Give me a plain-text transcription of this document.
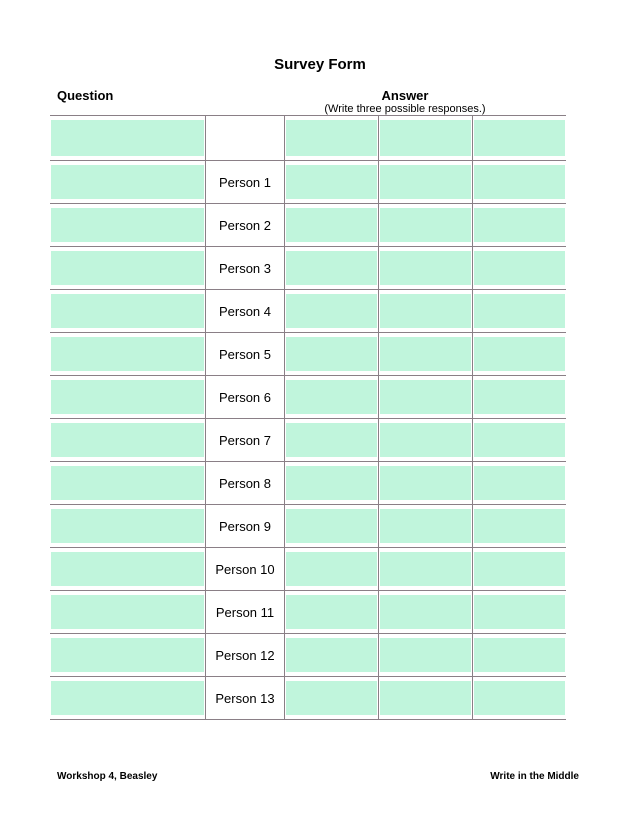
Survey Form
Question	Answer
(Write three possible responses.)
Person 1
Person 2
Person 3
Person 4
Person 5
Person 6
Person 7
Person 8
Person 9
Person 10
Person 11
Person 12
Person 13
Workshop 4, Beasley	Write in the Middle
